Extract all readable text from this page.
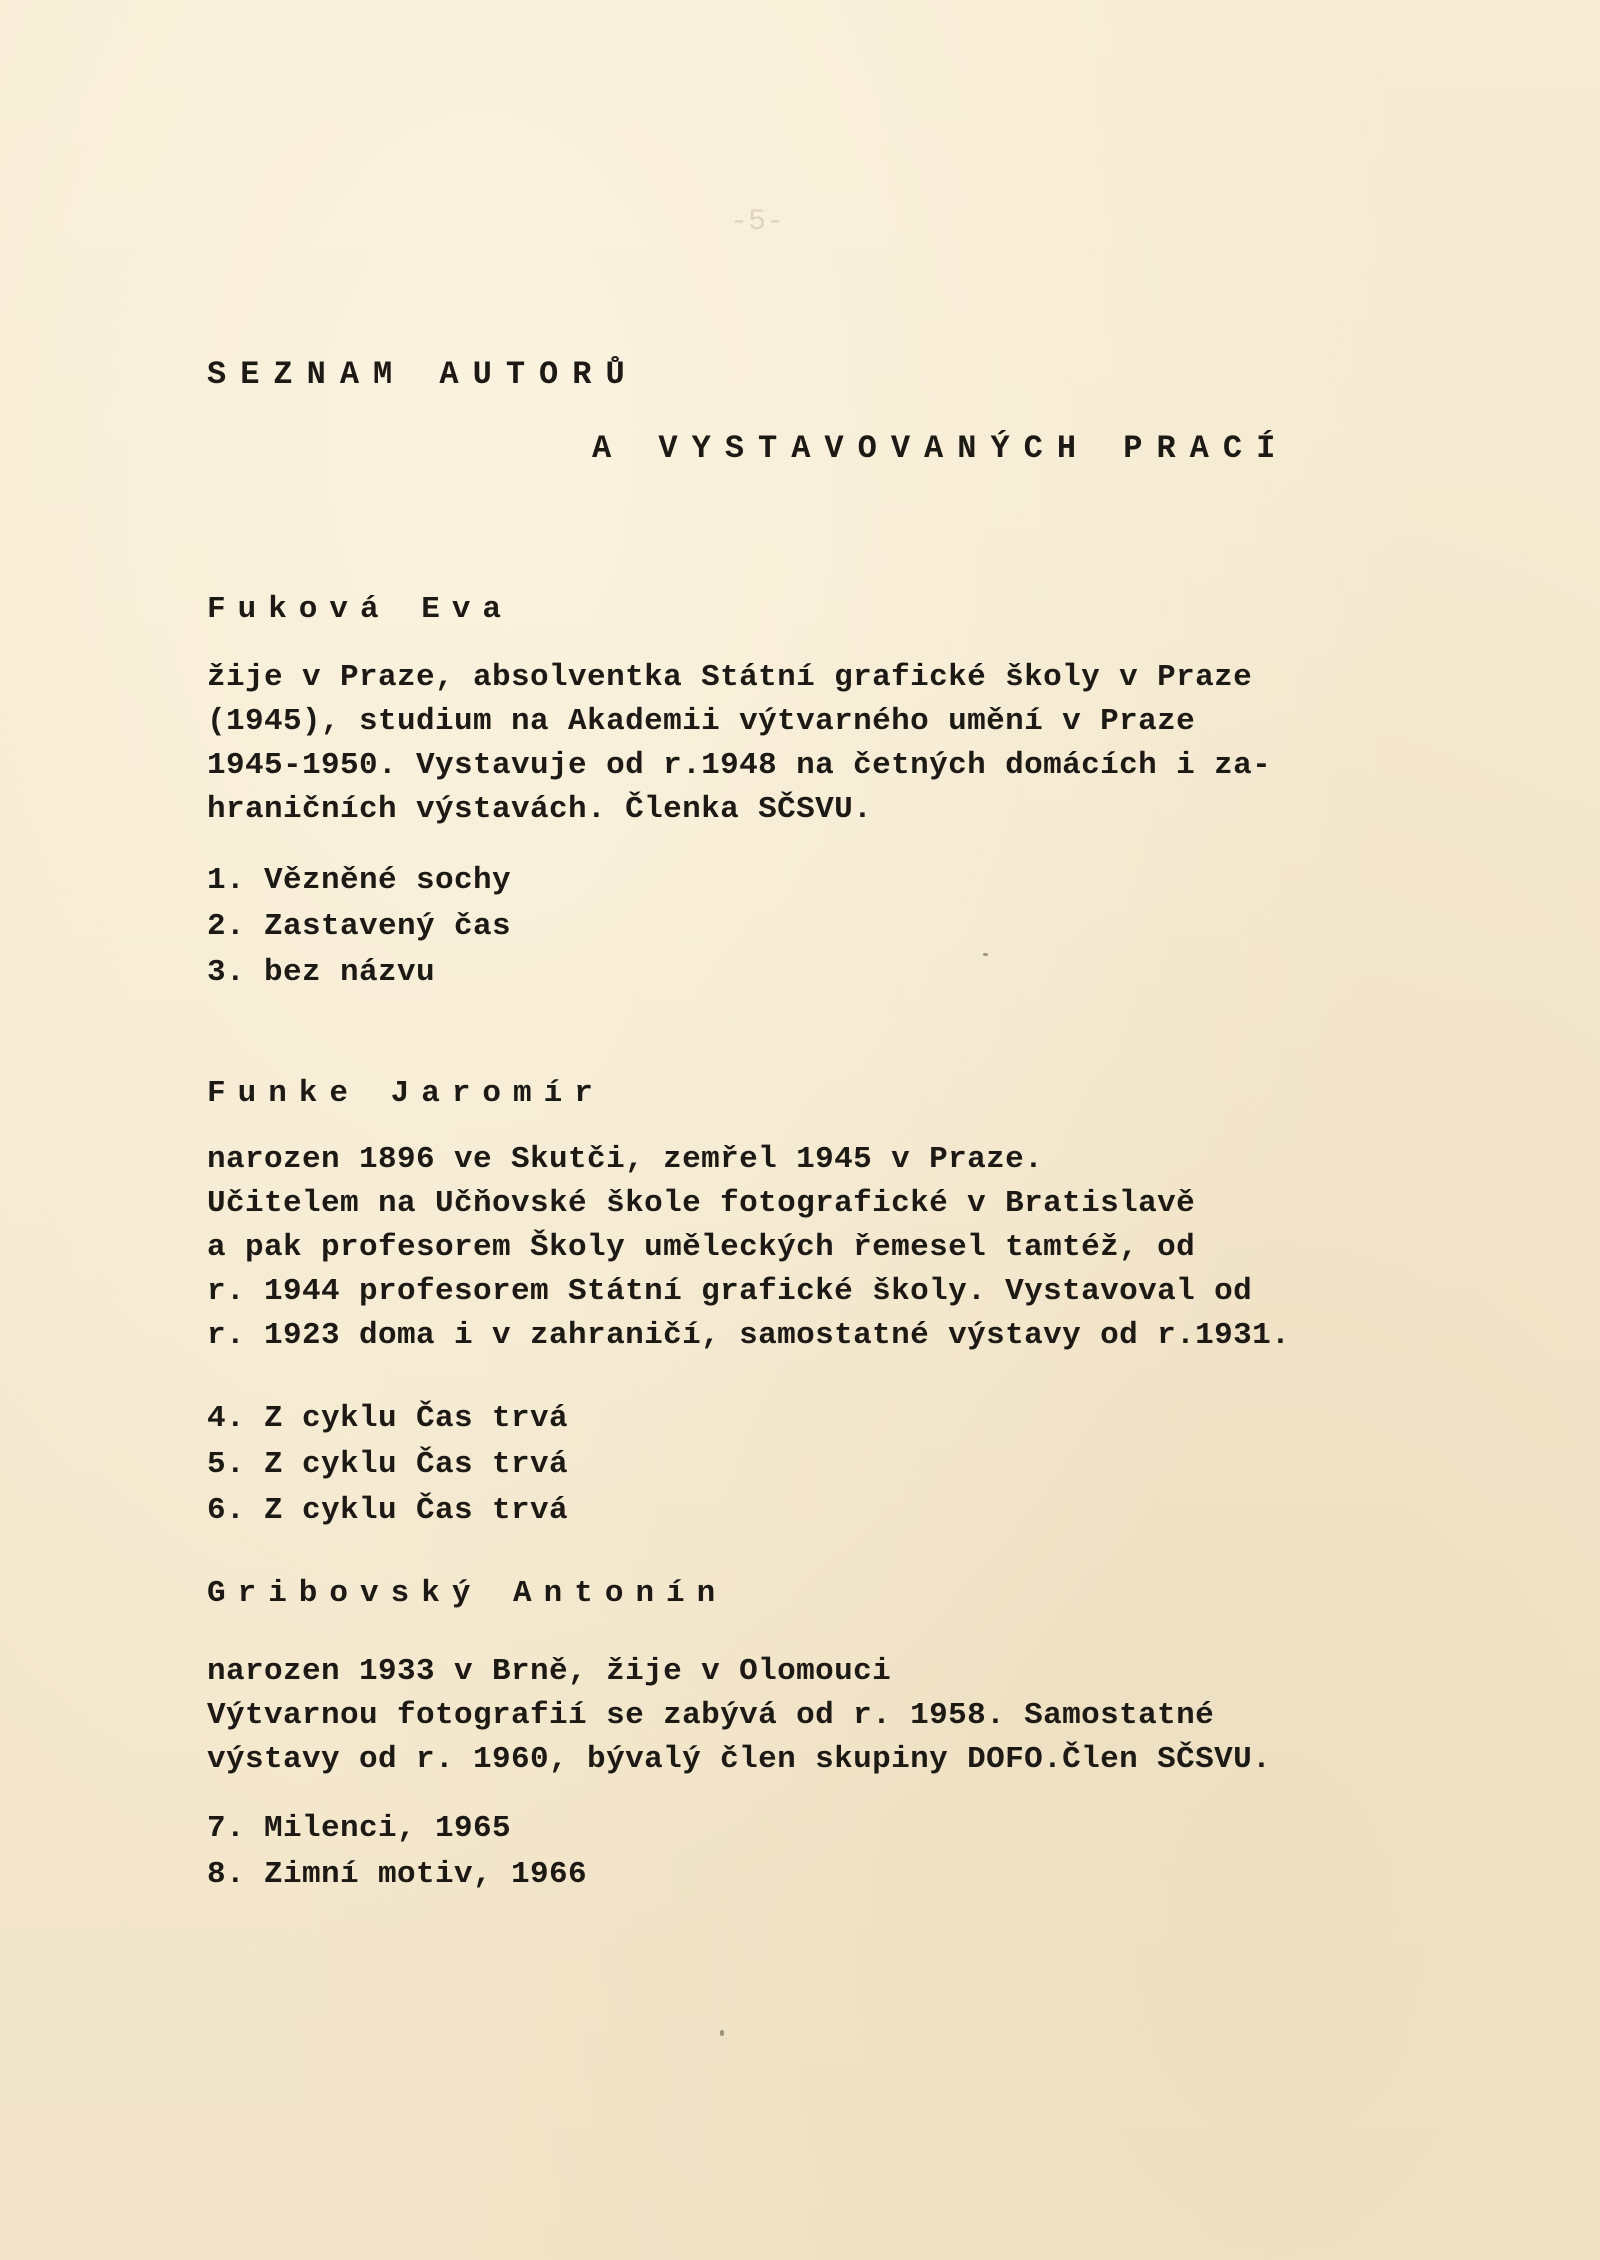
-5-
SEZNAM AUTORŮ
A VYSTAVOVANÝCH PRACÍ
Fuková Eva
žije v Praze, absolventka Státní grafické školy v Praze
(1945), studium na Akademii výtvarného umění v Praze
1945-1950. Vystavuje od r.1948 na četných domácích i za-
hraničních výstavách. Členka SČSVU.
1. Vězněné sochy
2. Zastavený čas
3. bez názvu
Funke Jaromír
narozen 1896 ve Skutči, zemřel 1945 v Praze.
Učitelem na Učňovské škole fotografické v Bratislavě
a pak profesorem Školy uměleckých řemesel tamtéž, od
r. 1944 profesorem Státní grafické školy. Vystavoval od
r. 1923 doma i v zahraničí, samostatné výstavy od r.1931.
4. Z cyklu Čas trvá
5. Z cyklu Čas trvá
6. Z cyklu Čas trvá
Gribovský Antonín
narozen 1933 v Brně, žije v Olomouci
Výtvarnou fotografií se zabývá od r. 1958. Samostatné
výstavy od r. 1960, bývalý člen skupiny DOFO.Člen SČSVU.
7. Milenci, 1965
8. Zimní motiv, 1966
